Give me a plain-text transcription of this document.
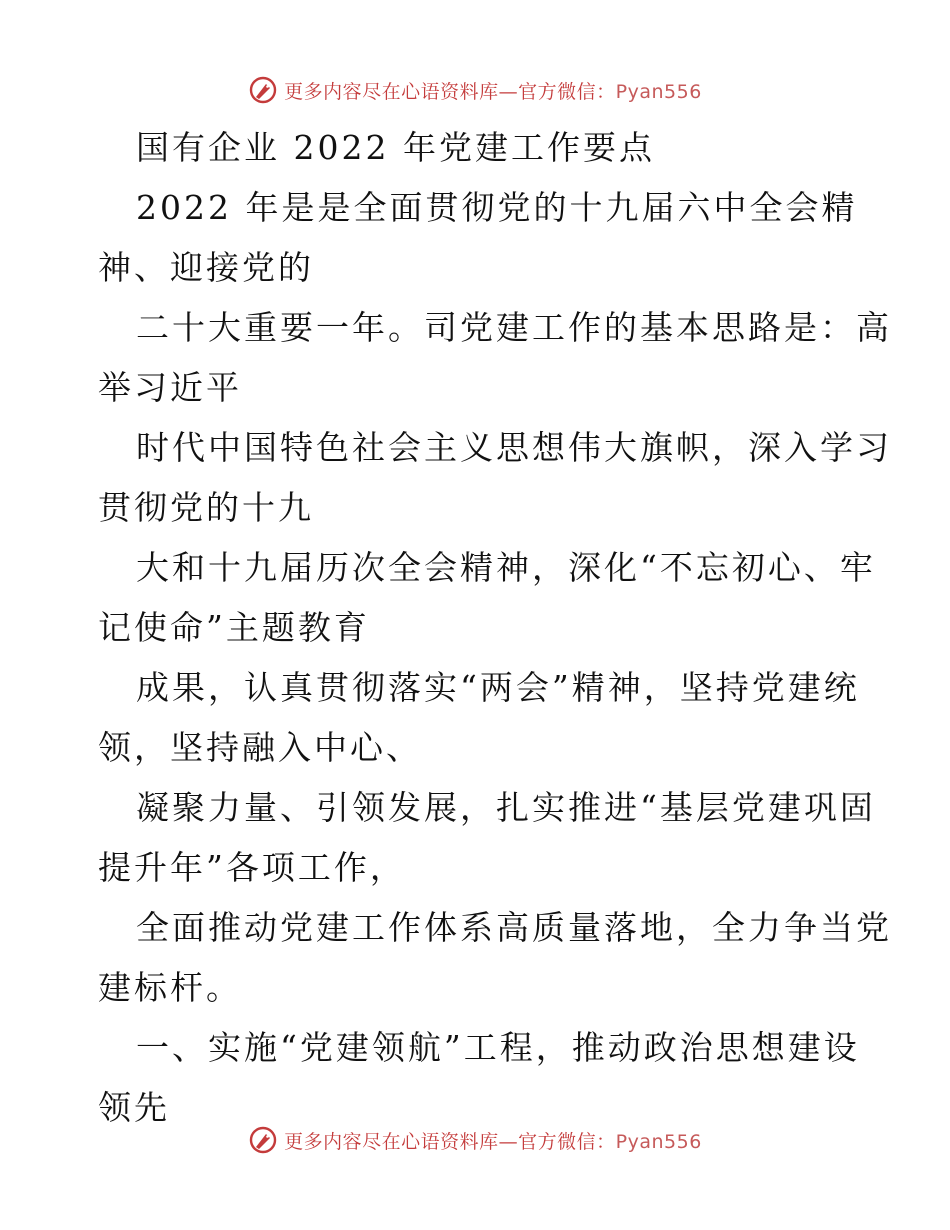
更多内容尽在心语资料库—官方微信：Pyan556
国有企业 2022 年党建工作要点
2022 年是是全面贯彻党的十九届六中全会精
神、迎接党的
二十大重要一年。司党建工作的基本思路是：高
举习近平
时代中国特色社会主义思想伟大旗帜，深入学习
贯彻党的十九
大和十九届历次全会精神，深化“不忘初心、牢
记使命”主题教育
成果，认真贯彻落实“两会”精神，坚持党建统
领，坚持融入中心、
凝聚力量、引领发展，扎实推进“基层党建巩固
提升年”各项工作，
全面推动党建工作体系高质量落地，全力争当党
建标杆。
一、实施“党建领航”工程，推动政治思想建设
领先
更多内容尽在心语资料库—官方微信：Pyan556
